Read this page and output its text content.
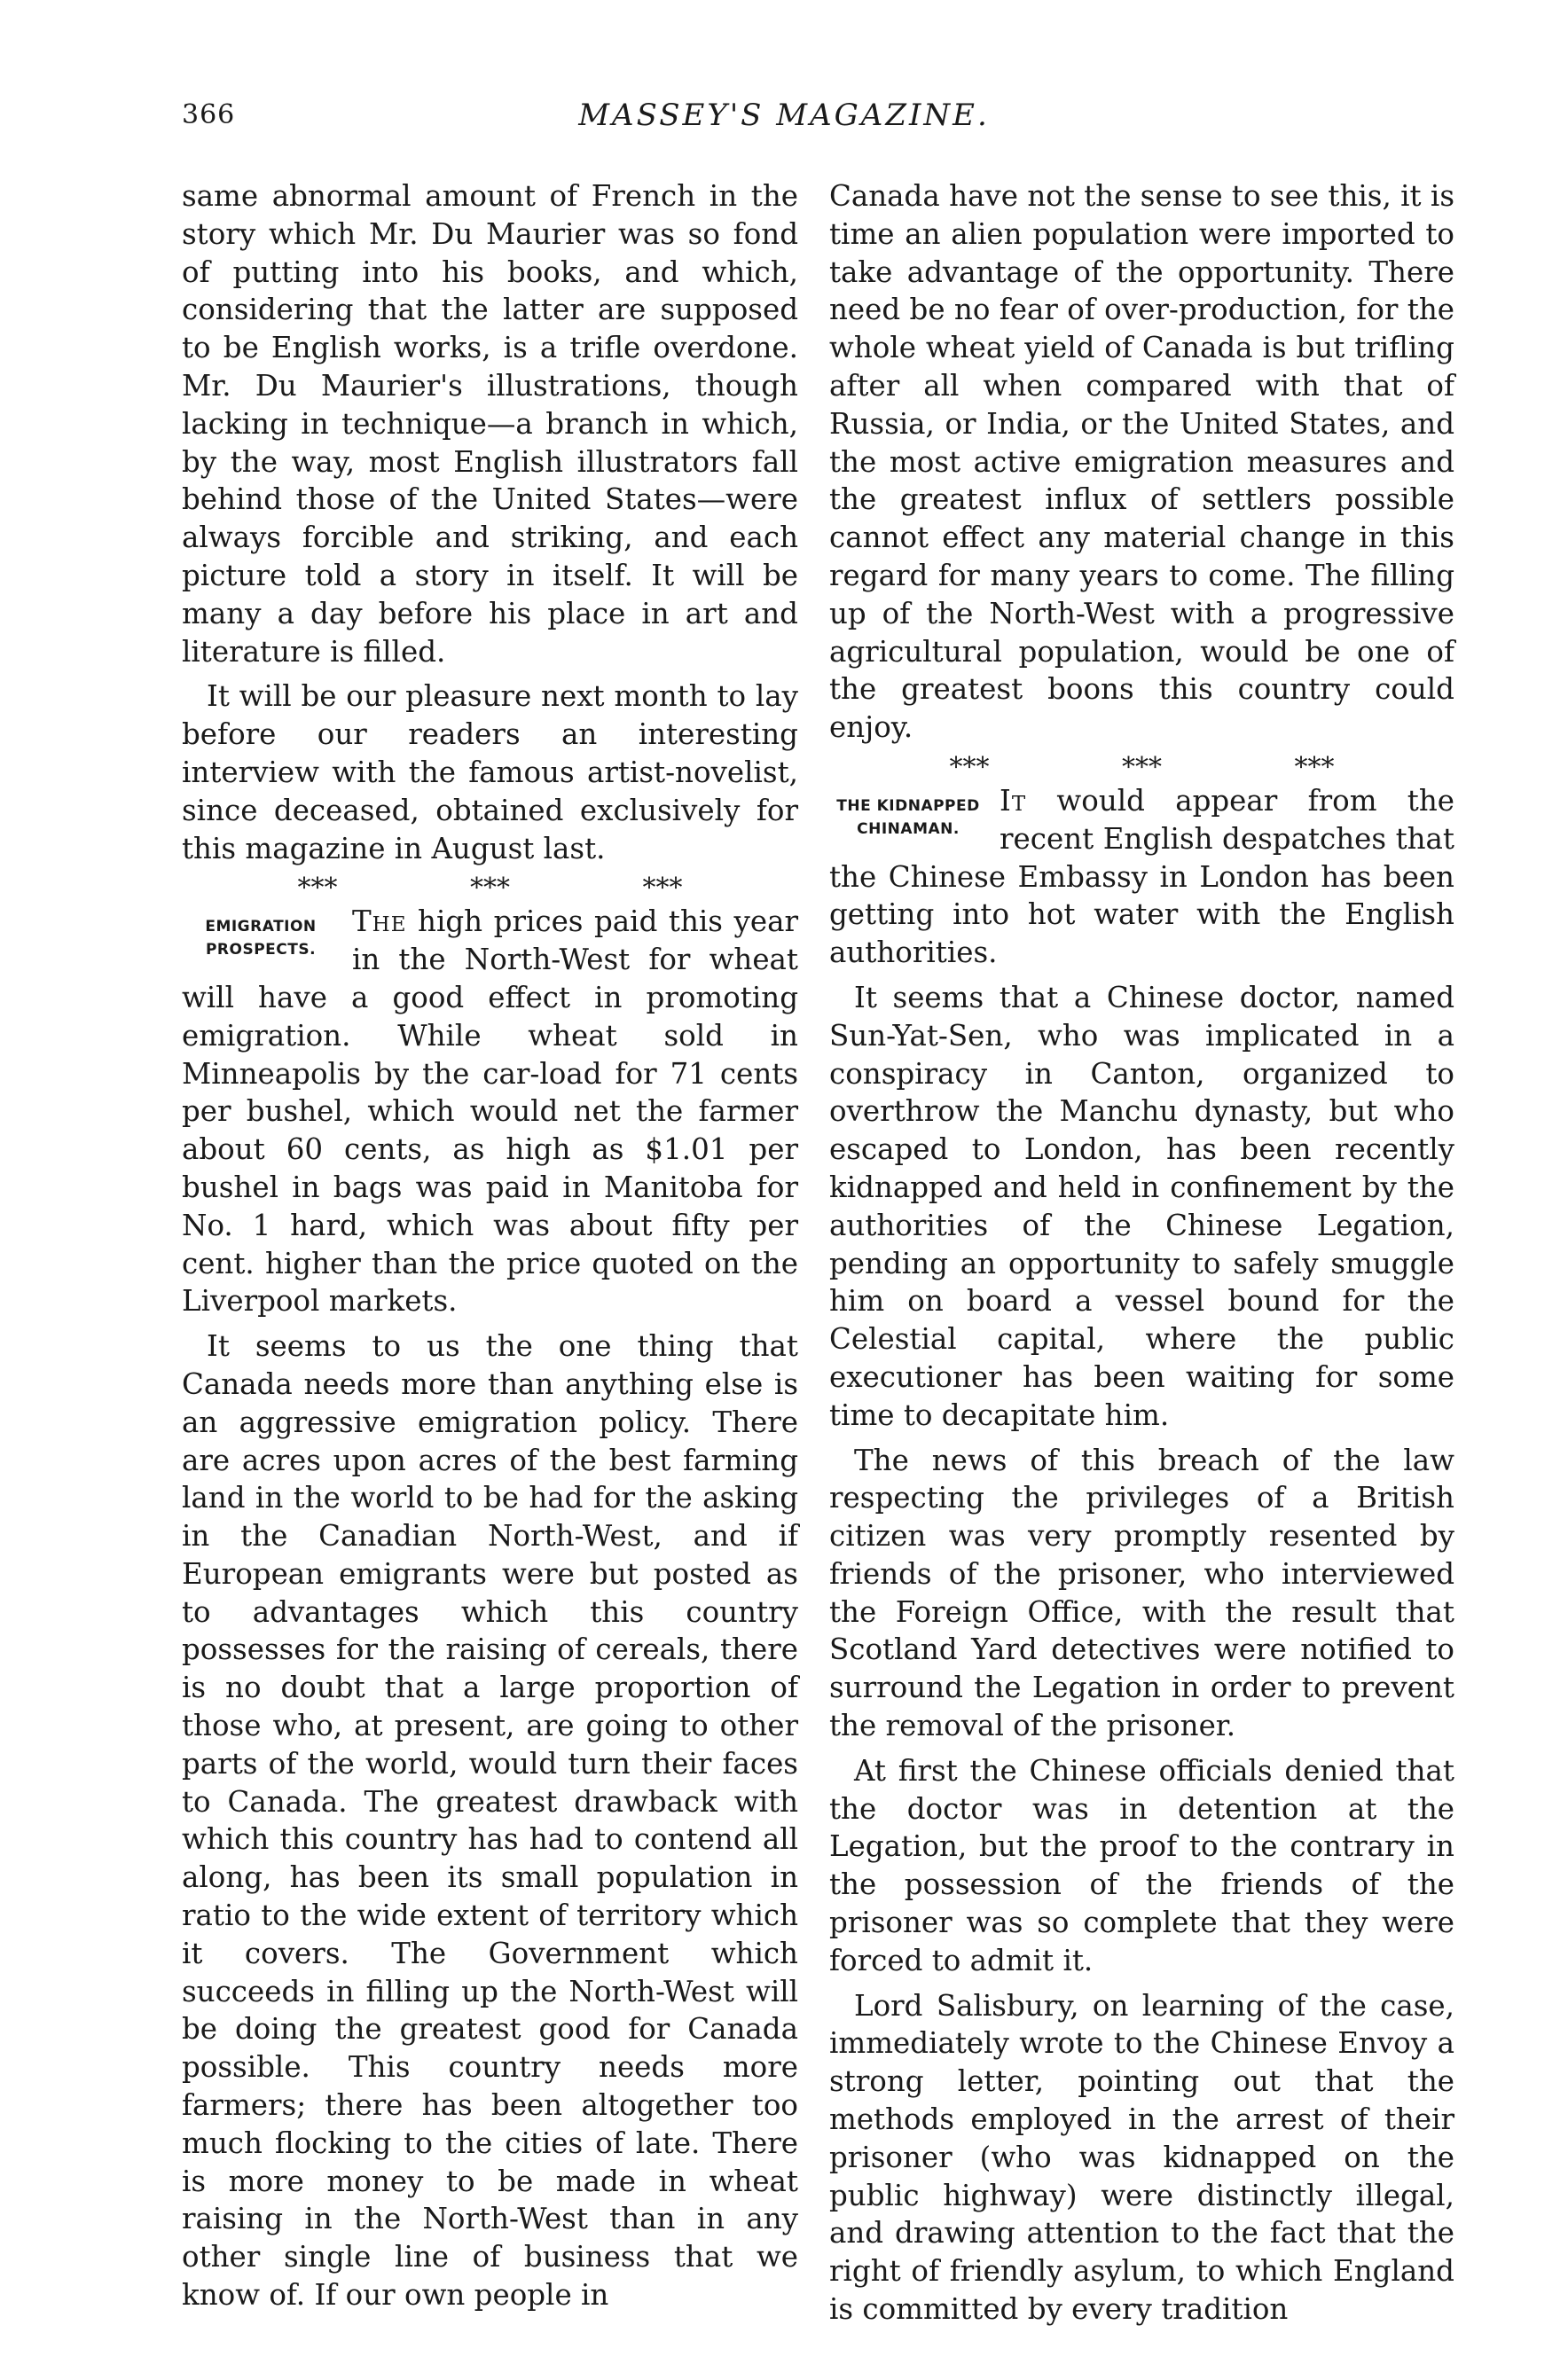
366	MASSEY'S MAGAZINE.

same abnormal amount of French in the story which Mr. Du Maurier was so fond of putting into his books, and which, considering that the latter are supposed to be English works, is a trifle overdone. Mr. Du Maurier's illustrations, though lacking in technique—a branch in which, by the way, most English illustrators fall behind those of the United States—were always forcible and striking, and each picture told a story in itself. It will be many a day before his place in art and literature is filled.

It will be our pleasure next month to lay before our readers an interesting interview with the famous artist-novelist, since deceased, obtained exclusively for this magazine in August last.

*** *** ***
EMIGRATION
PROSPECTS.

The high prices paid this year in the North-West for wheat will have a good effect in promoting emigration. While wheat sold in Minneapolis by the car-load for 71 cents per bushel, which would net the farmer about 60 cents, as high as $1.01 per bushel in bags was paid in Manitoba for No. 1 hard, which was about fifty per cent. higher than the price quoted on the Liverpool markets.

It seems to us the one thing that Canada needs more than anything else is an aggressive emigration policy. There are acres upon acres of the best farming land in the world to be had for the asking in the Canadian North-West, and if European emigrants were but posted as to advantages which this country possesses for the raising of cereals, there is no doubt that a large proportion of those who, at present, are going to other parts of the world, would turn their faces to Canada. The greatest drawback with which this country has had to contend all along, has been its small population in ratio to the wide extent of territory which it covers. The Government which succeeds in filling up the North-West will be doing the greatest good for Canada possible. This country needs more farmers; there has been altogether too much flocking to the cities of late. There is more money to be made in wheat raising in the North-West than in any other single line of business that we know of. If our own people in

Canada have not the sense to see this, it is time an alien population were imported to take advantage of the opportunity. There need be no fear of over-production, for the whole wheat yield of Canada is but trifling after all when compared with that of Russia, or India, or the United States, and the most active emigration measures and the greatest influx of settlers possible cannot effect any material change in this regard for many years to come. The filling up of the North-West with a progressive agricultural population, would be one of the greatest boons this country could enjoy.

*** *** ***
THE KIDNAPPED
CHINAMAN.

It would appear from the recent English despatches that the Chinese Embassy in London has been getting into hot water with the English authorities.

It seems that a Chinese doctor, named Sun-Yat-Sen, who was implicated in a conspiracy in Canton, organized to overthrow the Manchu dynasty, but who escaped to London, has been recently kidnapped and held in confinement by the authorities of the Chinese Legation, pending an opportunity to safely smuggle him on board a vessel bound for the Celestial capital, where the public executioner has been waiting for some time to decapitate him.

The news of this breach of the law respecting the privileges of a British citizen was very promptly resented by friends of the prisoner, who interviewed the Foreign Office, with the result that Scotland Yard detectives were notified to surround the Legation in order to prevent the removal of the prisoner.

At first the Chinese officials denied that the doctor was in detention at the Legation, but the proof to the contrary in the possession of the friends of the prisoner was so complete that they were forced to admit it.

Lord Salisbury, on learning of the case, immediately wrote to the Chinese Envoy a strong letter, pointing out that the methods employed in the arrest of their prisoner (who was kidnapped on the public highway) were distinctly illegal, and drawing attention to the fact that the right of friendly asylum, to which England is committed by every tradition
